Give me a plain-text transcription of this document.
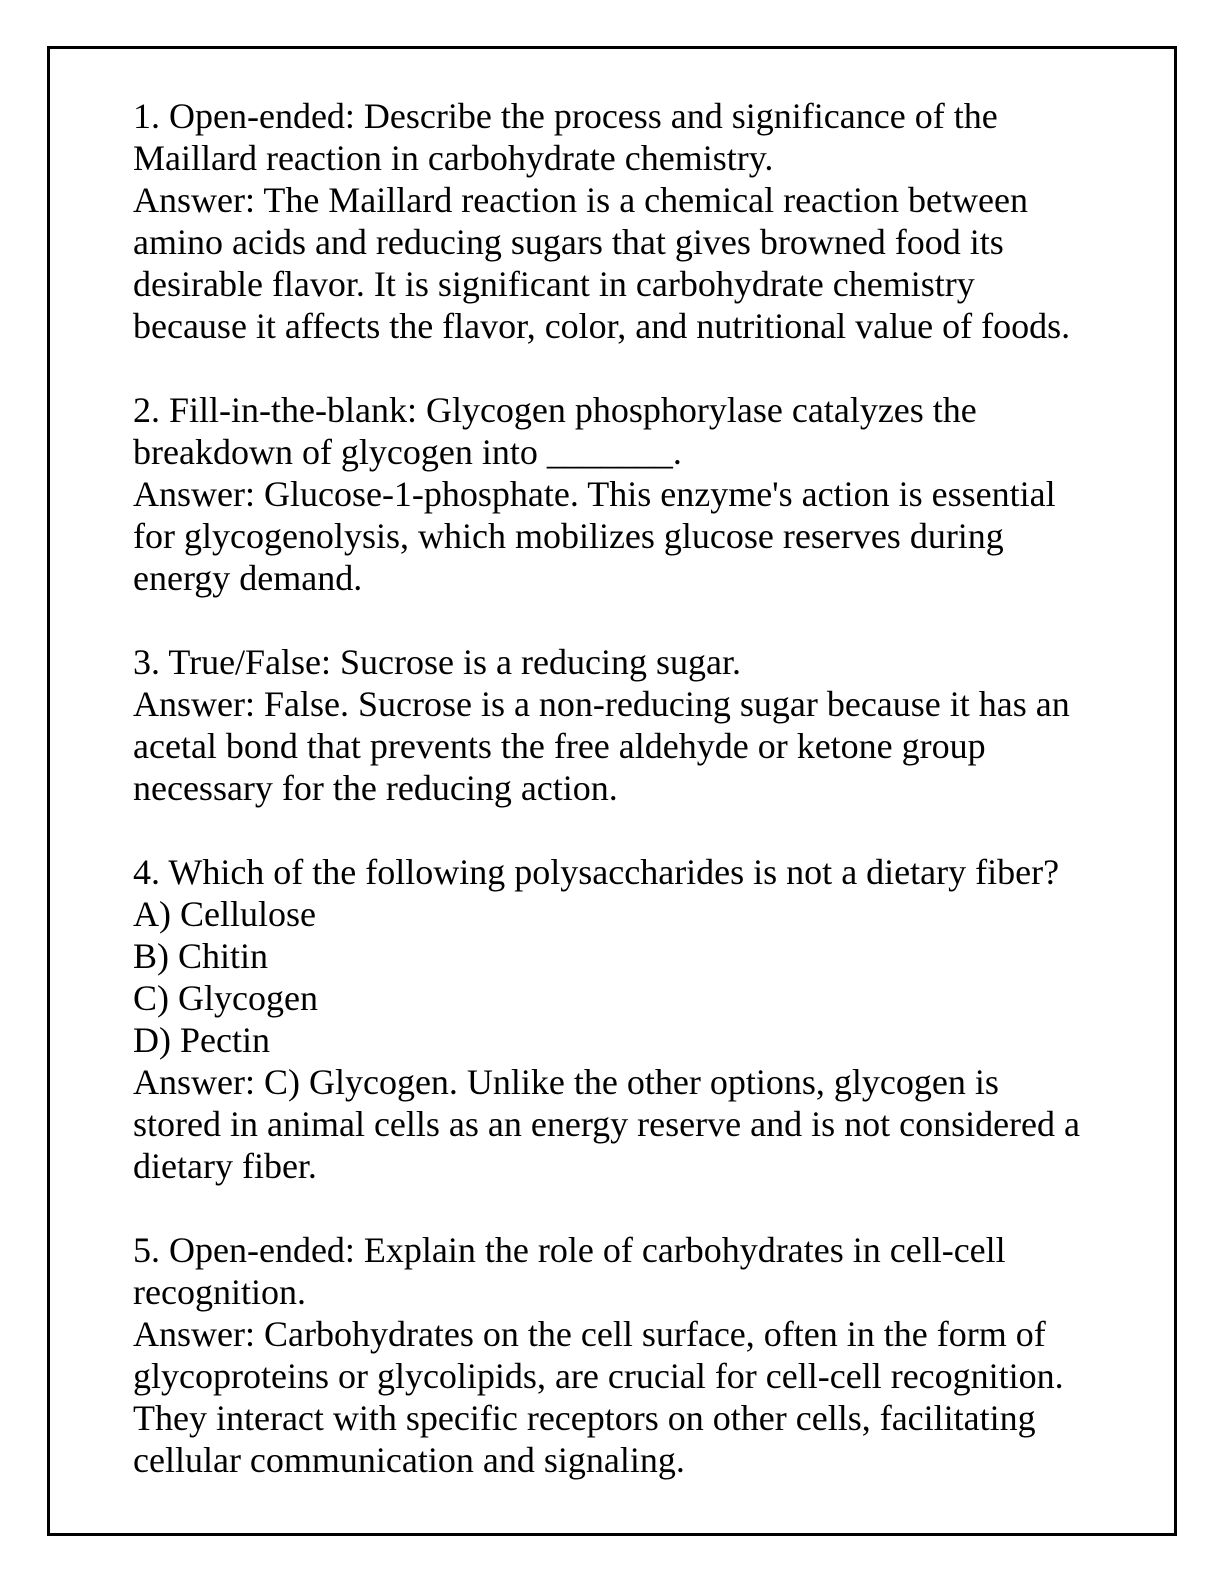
1. Open-ended: Describe the process and significance of the
Maillard reaction in carbohydrate chemistry.
Answer: The Maillard reaction is a chemical reaction between
amino acids and reducing sugars that gives browned food its
desirable flavor. It is significant in carbohydrate chemistry
because it affects the flavor, color, and nutritional value of foods.
2. Fill-in-the-blank: Glycogen phosphorylase catalyzes the
breakdown of glycogen into _______.
Answer: Glucose-1-phosphate. This enzyme's action is essential
for glycogenolysis, which mobilizes glucose reserves during
energy demand.
3. True/False: Sucrose is a reducing sugar.
Answer: False. Sucrose is a non-reducing sugar because it has an
acetal bond that prevents the free aldehyde or ketone group
necessary for the reducing action.
4. Which of the following polysaccharides is not a dietary fiber?
A) Cellulose
B) Chitin
C) Glycogen
D) Pectin
Answer: C) Glycogen. Unlike the other options, glycogen is
stored in animal cells as an energy reserve and is not considered a
dietary fiber.
5. Open-ended: Explain the role of carbohydrates in cell-cell
recognition.
Answer: Carbohydrates on the cell surface, often in the form of
glycoproteins or glycolipids, are crucial for cell-cell recognition.
They interact with specific receptors on other cells, facilitating
cellular communication and signaling.
